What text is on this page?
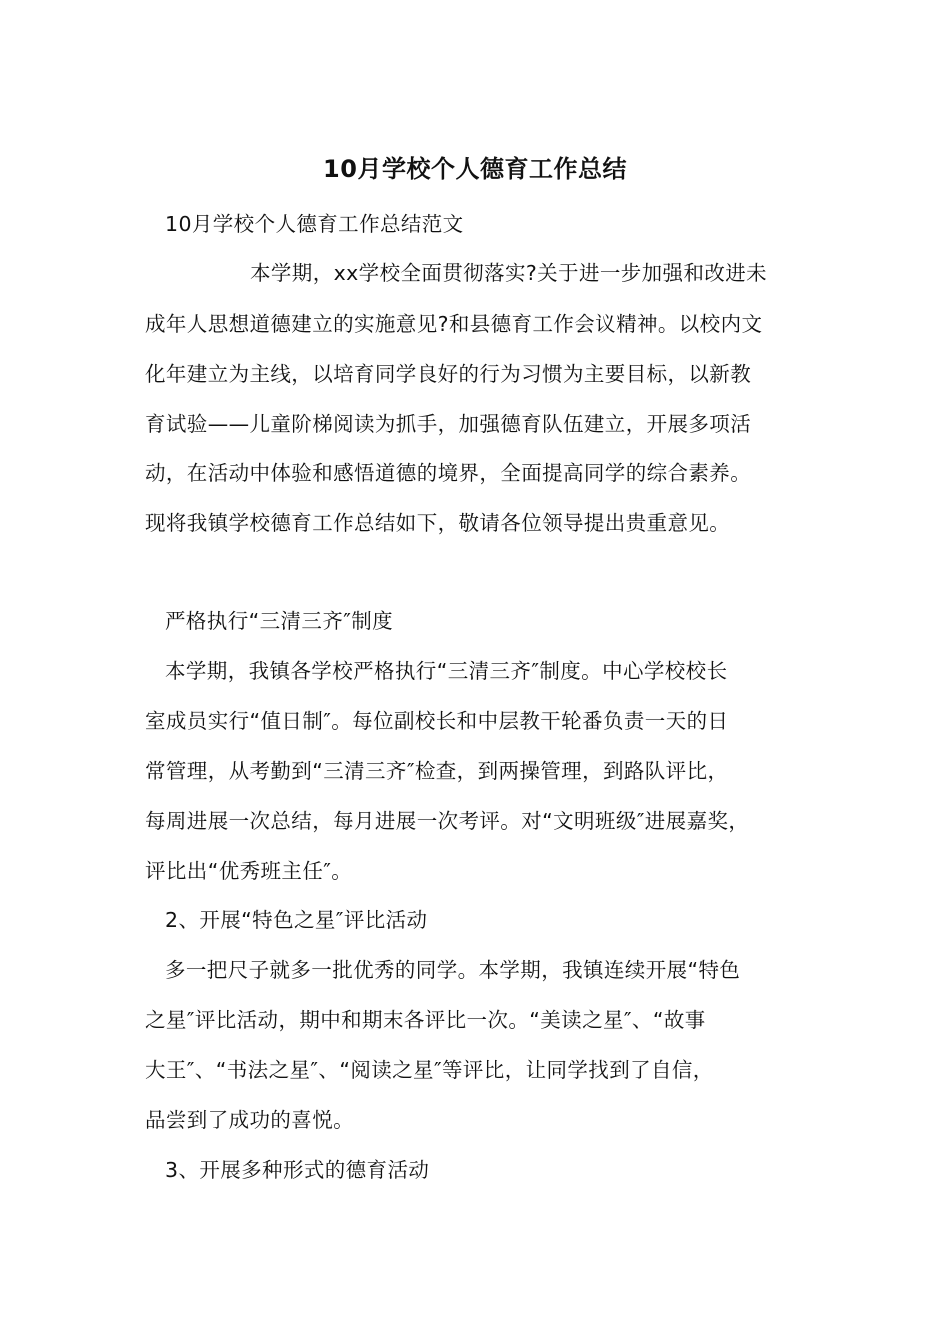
10月学校个人德育工作总结
10月学校个人德育工作总结范文
本学期，xx学校全面贯彻落实?关于进一步加强和改进未
成年人思想道德建立的实施意见?和县德育工作会议精神。以校内文
化年建立为主线，以培育同学良好的行为习惯为主要目标，以新教
育试验——儿童阶梯阅读为抓手，加强德育队伍建立，开展多项活
动，在活动中体验和感悟道德的境界，全面提高同学的综合素养。
现将我镇学校德育工作总结如下，敬请各位领导提出贵重意见。
严格执行“三清三齐″制度
本学期，我镇各学校严格执行“三清三齐″制度。中心学校校长
室成员实行“值日制″。每位副校长和中层教干轮番负责一天的日
常管理，从考勤到“三清三齐″检查，到两操管理，到路队评比，
每周进展一次总结，每月进展一次考评。对“文明班级″进展嘉奖，
评比出“优秀班主任″。
2、开展“特色之星″评比活动
多一把尺子就多一批优秀的同学。本学期，我镇连续开展“特色
之星″评比活动，期中和期末各评比一次。“美读之星″、“故事
大王″、“书法之星″、“阅读之星″等评比，让同学找到了自信，
品尝到了成功的喜悦。
3、开展多种形式的德育活动
